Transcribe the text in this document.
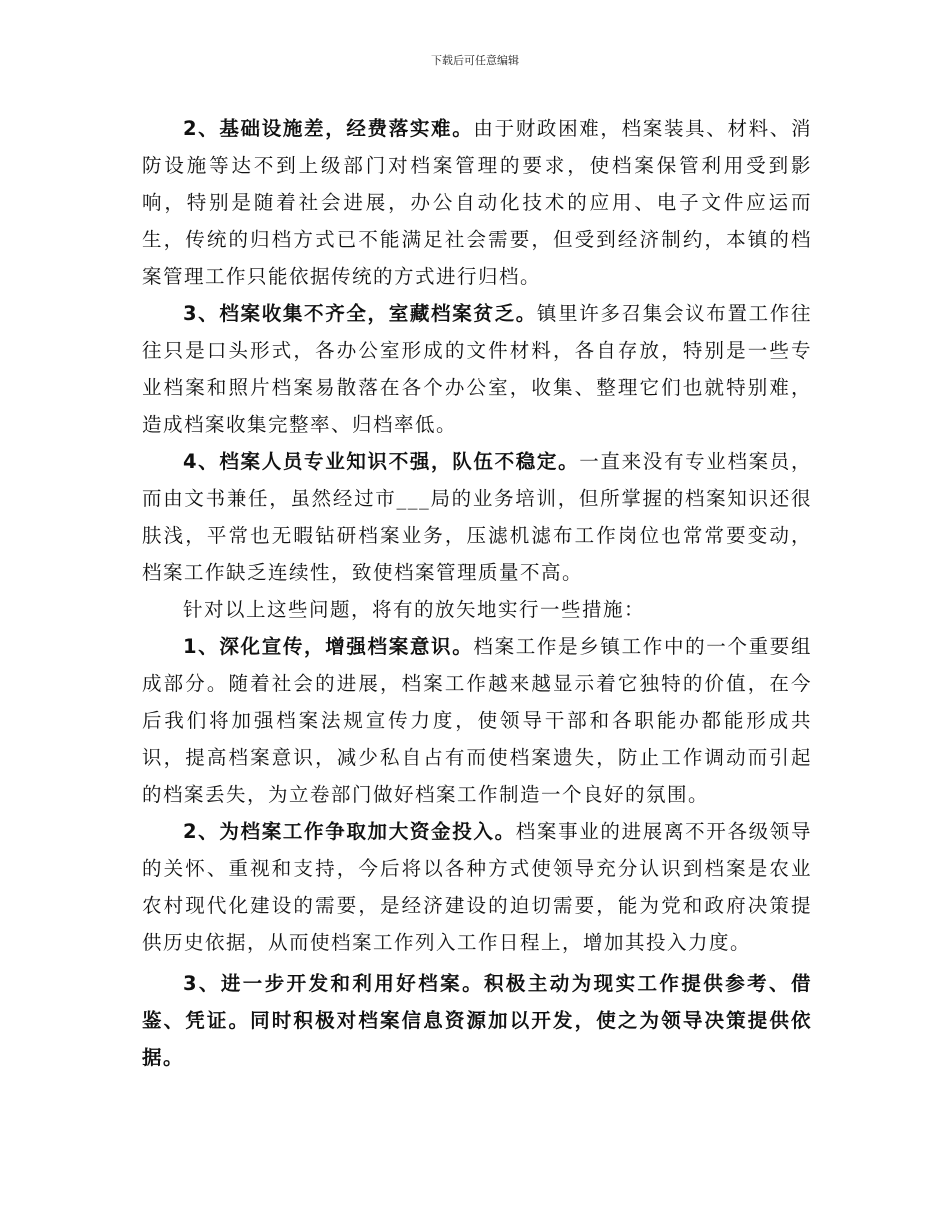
下载后可任意编辑

2、基础设施差，经费落实难。由于财政困难，档案装具、材料、消防设施等达不到上级部门对档案管理的要求，使档案保管利用受到影响，特别是随着社会进展，办公自动化技术的应用、电子文件应运而生，传统的归档方式已不能满足社会需要，但受到经济制约，本镇的档案管理工作只能依据传统的方式进行归档。

3、档案收集不齐全，室藏档案贫乏。镇里许多召集会议布置工作往往只是口头形式，各办公室形成的文件材料，各自存放，特别是一些专业档案和照片档案易散落在各个办公室，收集、整理它们也就特别难，造成档案收集完整率、归档率低。

4、档案人员专业知识不强，队伍不稳定。一直来没有专业档案员，而由文书兼任，虽然经过市___局的业务培训，但所掌握的档案知识还很肤浅，平常也无暇钻研档案业务，压滤机滤布工作岗位也常常要变动，档案工作缺乏连续性，致使档案管理质量不高。

针对以上这些问题，将有的放矢地实行一些措施：

1、深化宣传，增强档案意识。档案工作是乡镇工作中的一个重要组成部分。随着社会的进展，档案工作越来越显示着它独特的价值，在今后我们将加强档案法规宣传力度，使领导干部和各职能办都能形成共识，提高档案意识，减少私自占有而使档案遗失，防止工作调动而引起的档案丢失，为立卷部门做好档案工作制造一个良好的氛围。

2、为档案工作争取加大资金投入。档案事业的进展离不开各级领导的关怀、重视和支持，今后将以各种方式使领导充分认识到档案是农业农村现代化建设的需要，是经济建设的迫切需要，能为党和政府决策提供历史依据，从而使档案工作列入工作日程上，增加其投入力度。

3、进一步开发和利用好档案。积极主动为现实工作提供参考、借鉴、凭证。同时积极对档案信息资源加以开发，使之为领导决策提供依据。
